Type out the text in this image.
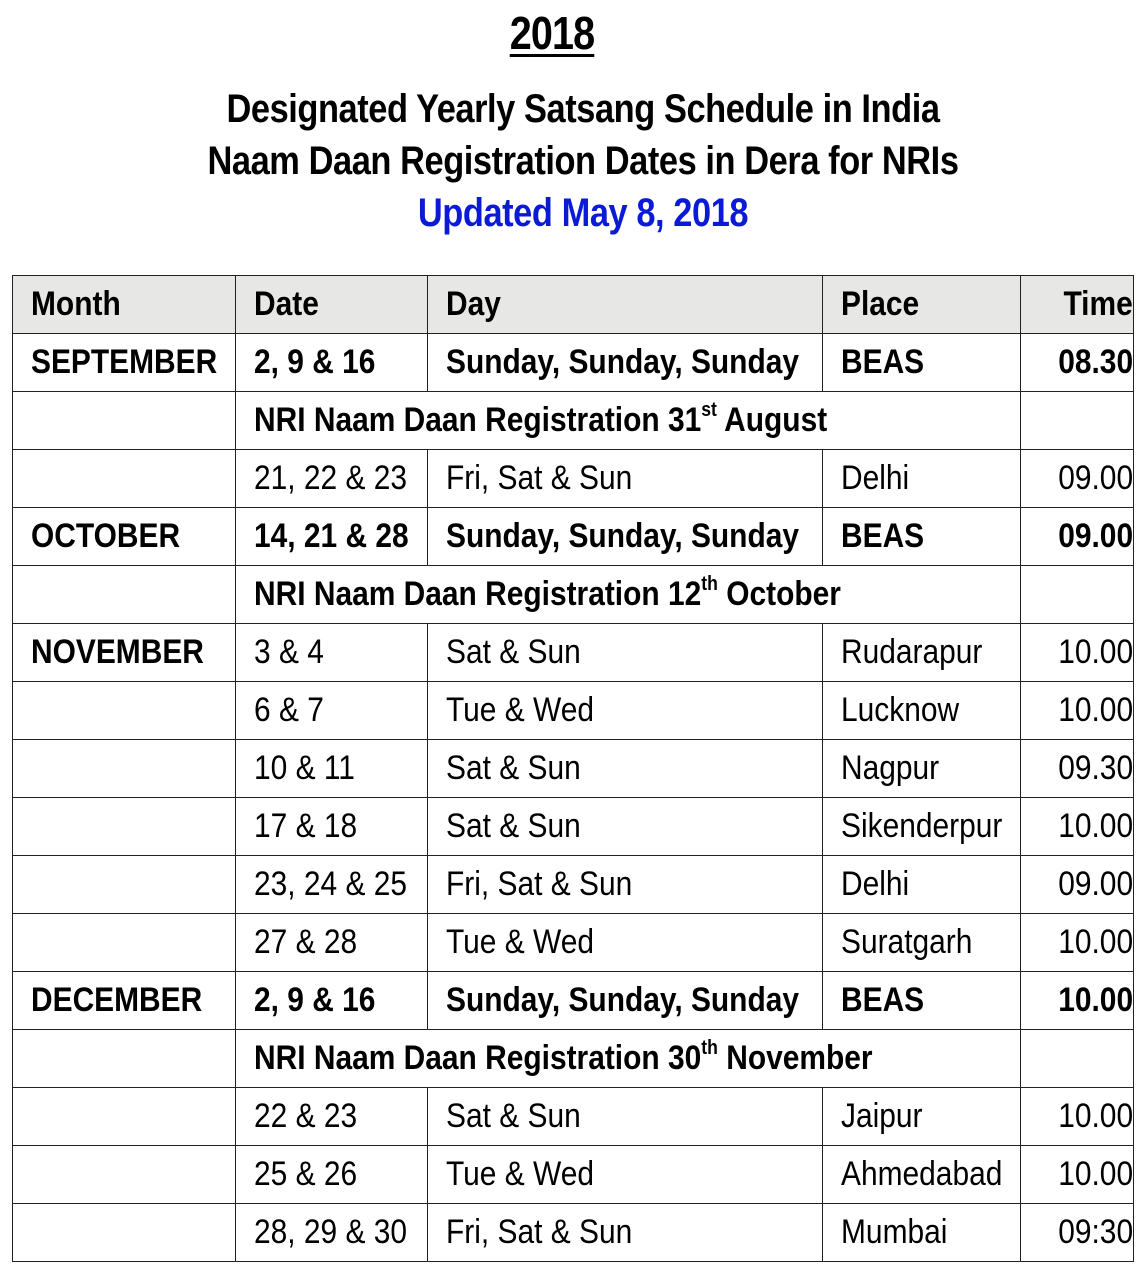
2018
Designated Yearly Satsang Schedule in India
Naam Daan Registration Dates in Dera for NRIs
Updated May 8, 2018
Month	Date	Day	Place	Time
SEPTEMBER	2, 9 & 16	Sunday, Sunday, Sunday	BEAS	08.30
	NRI Naam Daan Registration 31st August			
	21, 22 & 23	Fri, Sat & Sun	Delhi	09.00
OCTOBER	14, 21 & 28	Sunday, Sunday, Sunday	BEAS	09.00
	NRI Naam Daan Registration 12th October			
NOVEMBER	3 & 4	Sat & Sun	Rudarapur	10.00
	6 & 7	Tue & Wed	Lucknow	10.00
	10 & 11	Sat & Sun	Nagpur	09.30
	17 & 18	Sat & Sun	Sikenderpur	10.00
	23, 24 & 25	Fri, Sat & Sun	Delhi	09.00
	27 & 28	Tue & Wed	Suratgarh	10.00
DECEMBER	2, 9 & 16	Sunday, Sunday, Sunday	BEAS	10.00
	NRI Naam Daan Registration 30th November			
	22 & 23	Sat & Sun	Jaipur	10.00
	25 & 26	Tue & Wed	Ahmedabad	10.00
	28, 29 & 30	Fri, Sat & Sun	Mumbai	09:30
